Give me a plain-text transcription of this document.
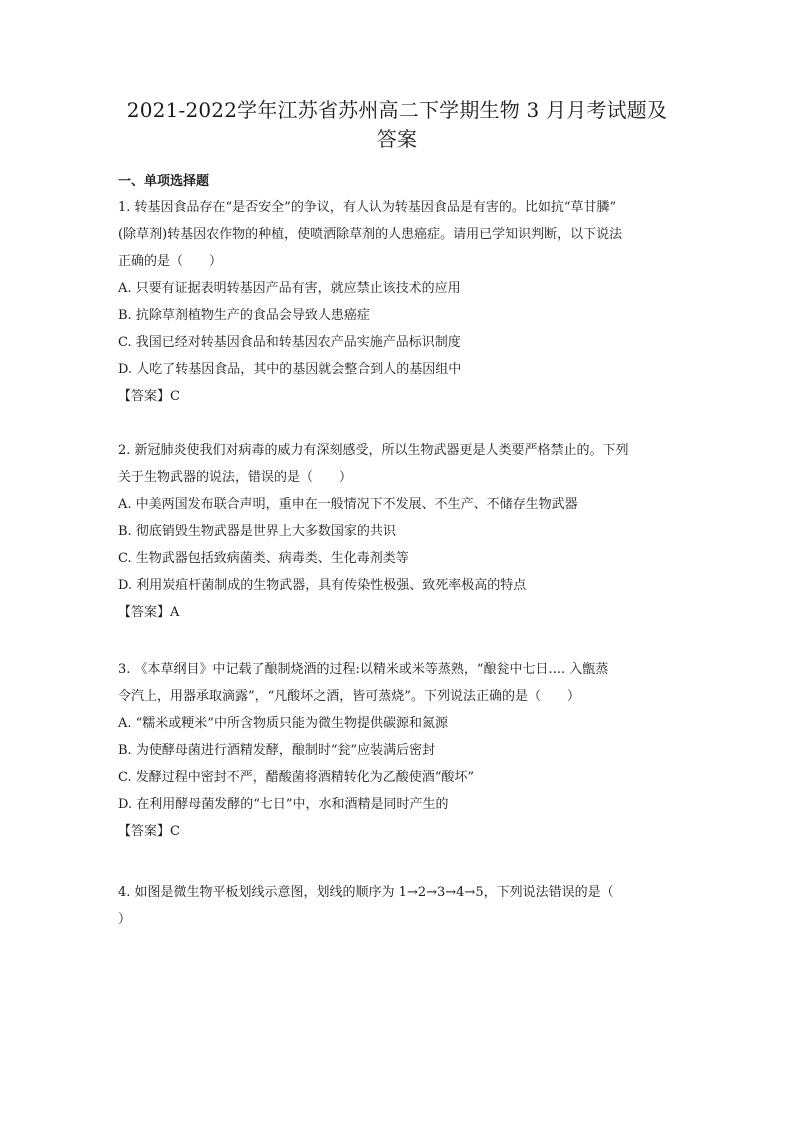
2021-2022学年江苏省苏州高二下学期生物 3 月月考试题及
答案
一、单项选择题
1. 转基因食品存在“是否安全”的争议，有人认为转基因食品是有害的。比如抗“草甘膦”
(除草剂)转基因农作物的种植，使喷洒除草剂的人患癌症。请用已学知识判断，以下说法
正确的是（　　）
A. 只要有证据表明转基因产品有害，就应禁止该技术的应用
B. 抗除草剂植物生产的食品会导致人患癌症
C. 我国已经对转基因食品和转基因农产品实施产品标识制度
D. 人吃了转基因食品，其中的基因就会整合到人的基因组中
【答案】C
2. 新冠肺炎使我们对病毒的威力有深刻感受，所以生物武器更是人类要严格禁止的。下列
关于生物武器的说法，错误的是（　　）
A. 中美两国发布联合声明，重申在一般情况下不发展、不生产、不储存生物武器
B. 彻底销毁生物武器是世界上大多数国家的共识
C. 生物武器包括致病菌类、病毒类、生化毒剂类等
D. 利用炭疽杆菌制成的生物武器，具有传染性极强、致死率极高的特点
【答案】A
3. 《本草纲目》中记载了酿制烧酒的过程:以精米或米等蒸熟，“酿瓮中七日.... 入甑蒸
令汽上，用器承取滴露”，“凡酸坏之酒，皆可蒸烧”。下列说法正确的是（　　）
A. “糯米或粳米”中所含物质只能为微生物提供碳源和氮源
B. 为使酵母菌进行酒精发酵，酿制时“瓮”应装满后密封
C. 发酵过程中密封不严，醋酸菌将酒精转化为乙酸使酒“酸坏”
D. 在利用酵母菌发酵的“七日”中，水和酒精是同时产生的
【答案】C
4. 如图是微生物平板划线示意图，划线的顺序为 1→2→3→4→5，下列说法错误的是（
）
